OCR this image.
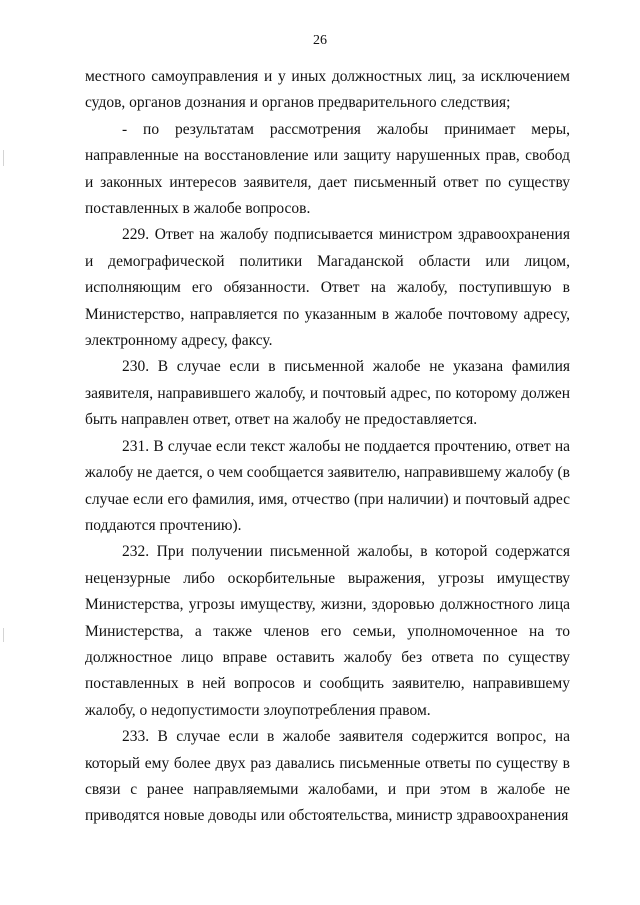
26

местного самоуправления и у иных должностных лиц, за исключением судов, органов дознания и органов предварительного следствия;

- по результатам рассмотрения жалобы принимает меры, направленные на восстановление или защиту нарушенных прав, свобод и законных интересов заявителя, дает письменный ответ по существу поставленных в жалобе вопросов.

229. Ответ на жалобу подписывается министром здравоохранения и демографической политики Магаданской области или лицом, исполняющим его обязанности. Ответ на жалобу, поступившую в Министерство, направляется по указанным в жалобе почтовому адресу, электронному адресу, факсу.

230. В случае если в письменной жалобе не указана фамилия заявителя, направившего жалобу, и почтовый адрес, по которому должен быть направлен ответ, ответ на жалобу не предоставляется.

231. В случае если текст жалобы не поддается прочтению, ответ на жалобу не дается, о чем сообщается заявителю, направившему жалобу (в случае если его фамилия, имя, отчество (при наличии) и почтовый адрес поддаются прочтению).

232. При получении письменной жалобы, в которой содержатся нецензурные либо оскорбительные выражения, угрозы имуществу Министерства, угрозы имуществу, жизни, здоровью должностного лица Министерства, а также членов его семьи, уполномоченное на то должностное лицо вправе оставить жалобу без ответа по существу поставленных в ней вопросов и сообщить заявителю, направившему жалобу, о недопустимости злоупотребления правом.

233. В случае если в жалобе заявителя содержится вопрос, на который ему более двух раз давались письменные ответы по существу в связи с ранее направляемыми жалобами, и при этом в жалобе не приводятся новые доводы или обстоятельства, министр здравоохранения
